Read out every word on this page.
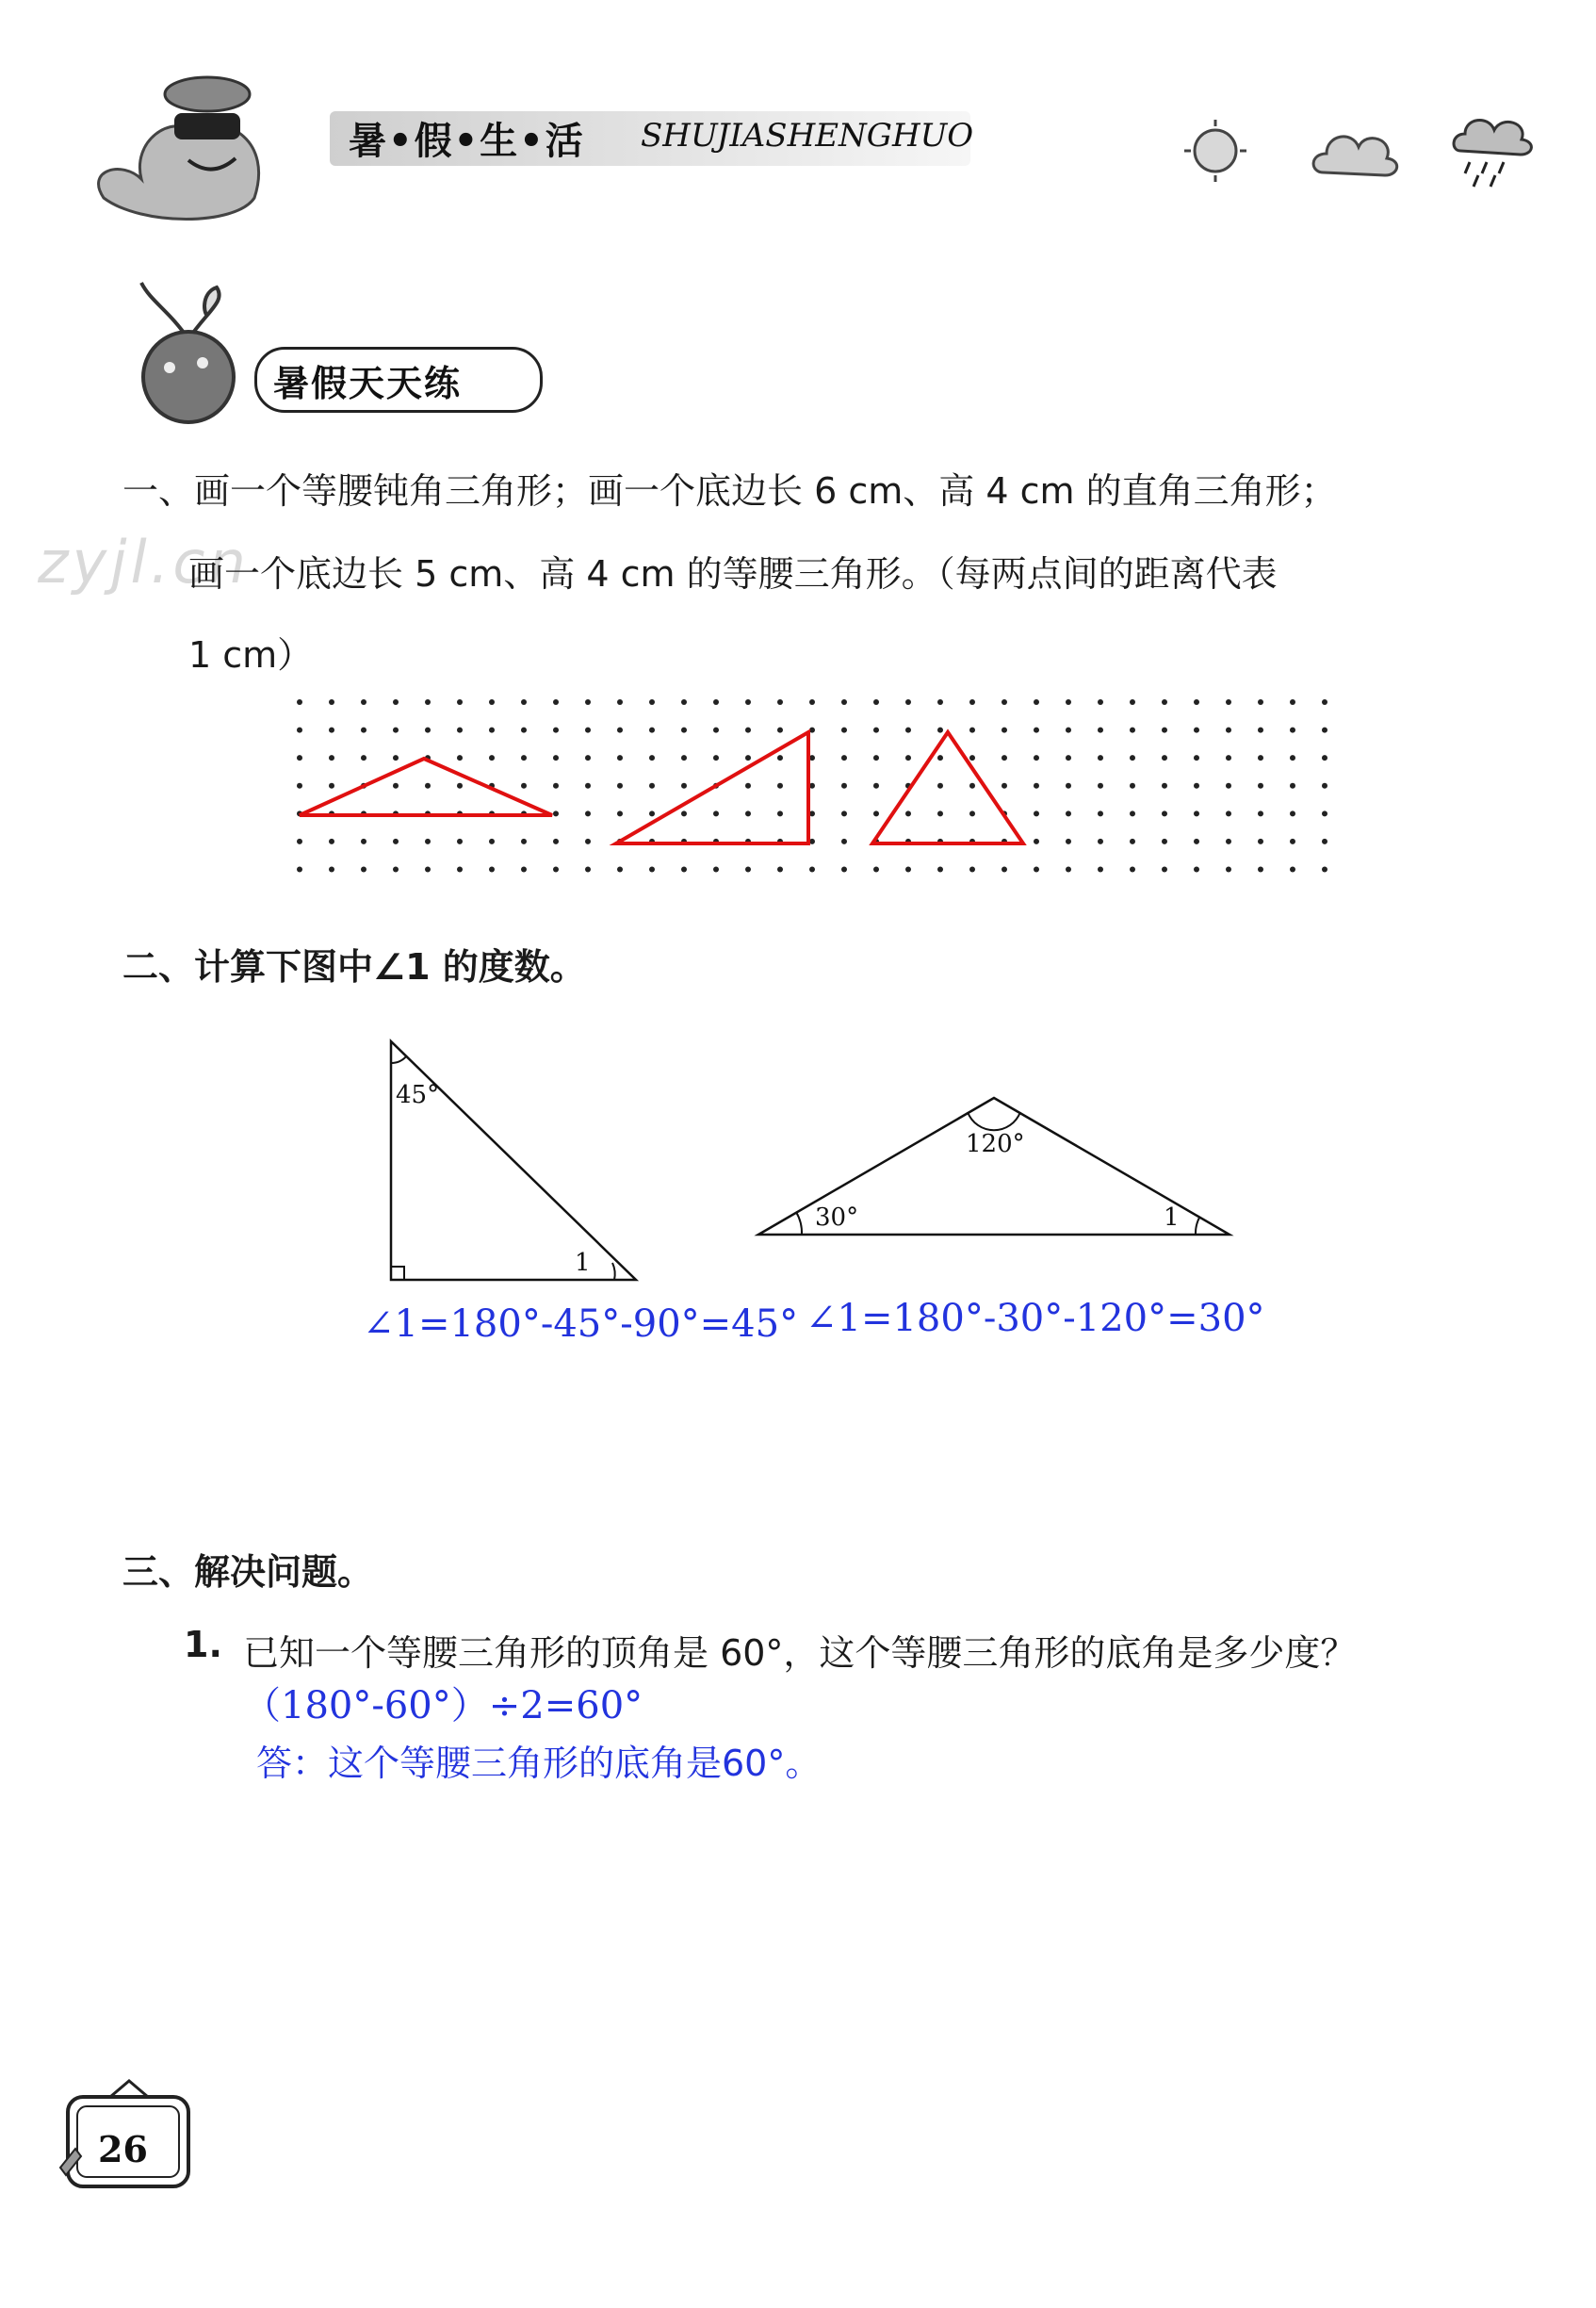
暑•假•生•活 SHUJIASHENGHUO
暑假天天练
zyjl.cn
一、画一个等腰钝角三角形；画一个底边长 6 cm、高 4 cm 的直角三角形；
画一个底边长 5 cm、高 4 cm 的等腰三角形。（每两点间的距离代表
1 cm）
二、计算下图中∠1 的度数。
45°
1
120°
30°	1
∠1=180°-45°-90°=45° ∠1=180°-30°-120°=30°
三、解决问题。
1. 已知一个等腰三角形的顶角是 60°，这个等腰三角形的底角是多少度？
（180°-60°）÷2=60°
答：这个等腰三角形的底角是60°。
26
